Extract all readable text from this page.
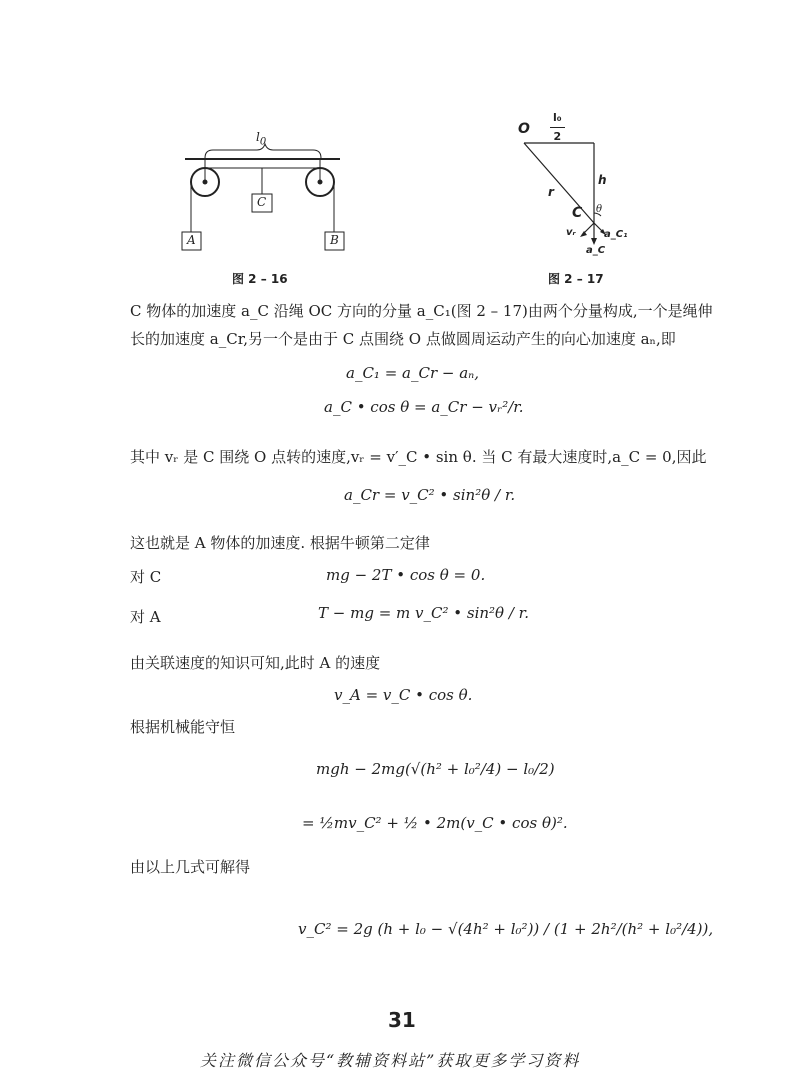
$l_0$
C
A	B
图 2 – 16
O $\frac{\text{l₀}}{2}$
h
r
C θ
vᵣ	a_C₁
a_C
图 2 – 17
C 物体的加速度 a_C 沿绳 OC 方向的分量 a_C₁(图 2 – 17)由两个分量构成,一个是绳伸
长的加速度 a_Cr,另一个是由于 C 点围绕 O 点做圆周运动产生的向心加速度 aₙ,即
a_C₁ = a_Cr − aₙ,
a_C • cos θ = a_Cr − vᵣ²/r.
其中 vᵣ 是 C 围绕 O 点转的速度,vᵣ = v′_C • sin θ. 当 C 有最大速度时,a_C = 0,因此
a_Cr = v_C² • sin²θ / r.
这也就是 A 物体的加速度. 根据牛顿第二定律
对 C	mg − 2T • cos θ = 0.
对 A	T − mg = m v_C² • sin²θ / r.
由关联速度的知识可知,此时 A 的速度
v_A = v_C • cos θ.
根据机械能守恒
mgh − 2mg(√(h² + l₀²/4) − l₀/2)
= ½mv_C² + ½ • 2m(v_C • cos θ)².
由以上几式可解得
v_C² = 2g (h + l₀ − √(4h² + l₀²)) / (1 + 2h²/(h² + l₀²/4)),
31
关注微信公众号“教辅资料站”获取更多学习资料
